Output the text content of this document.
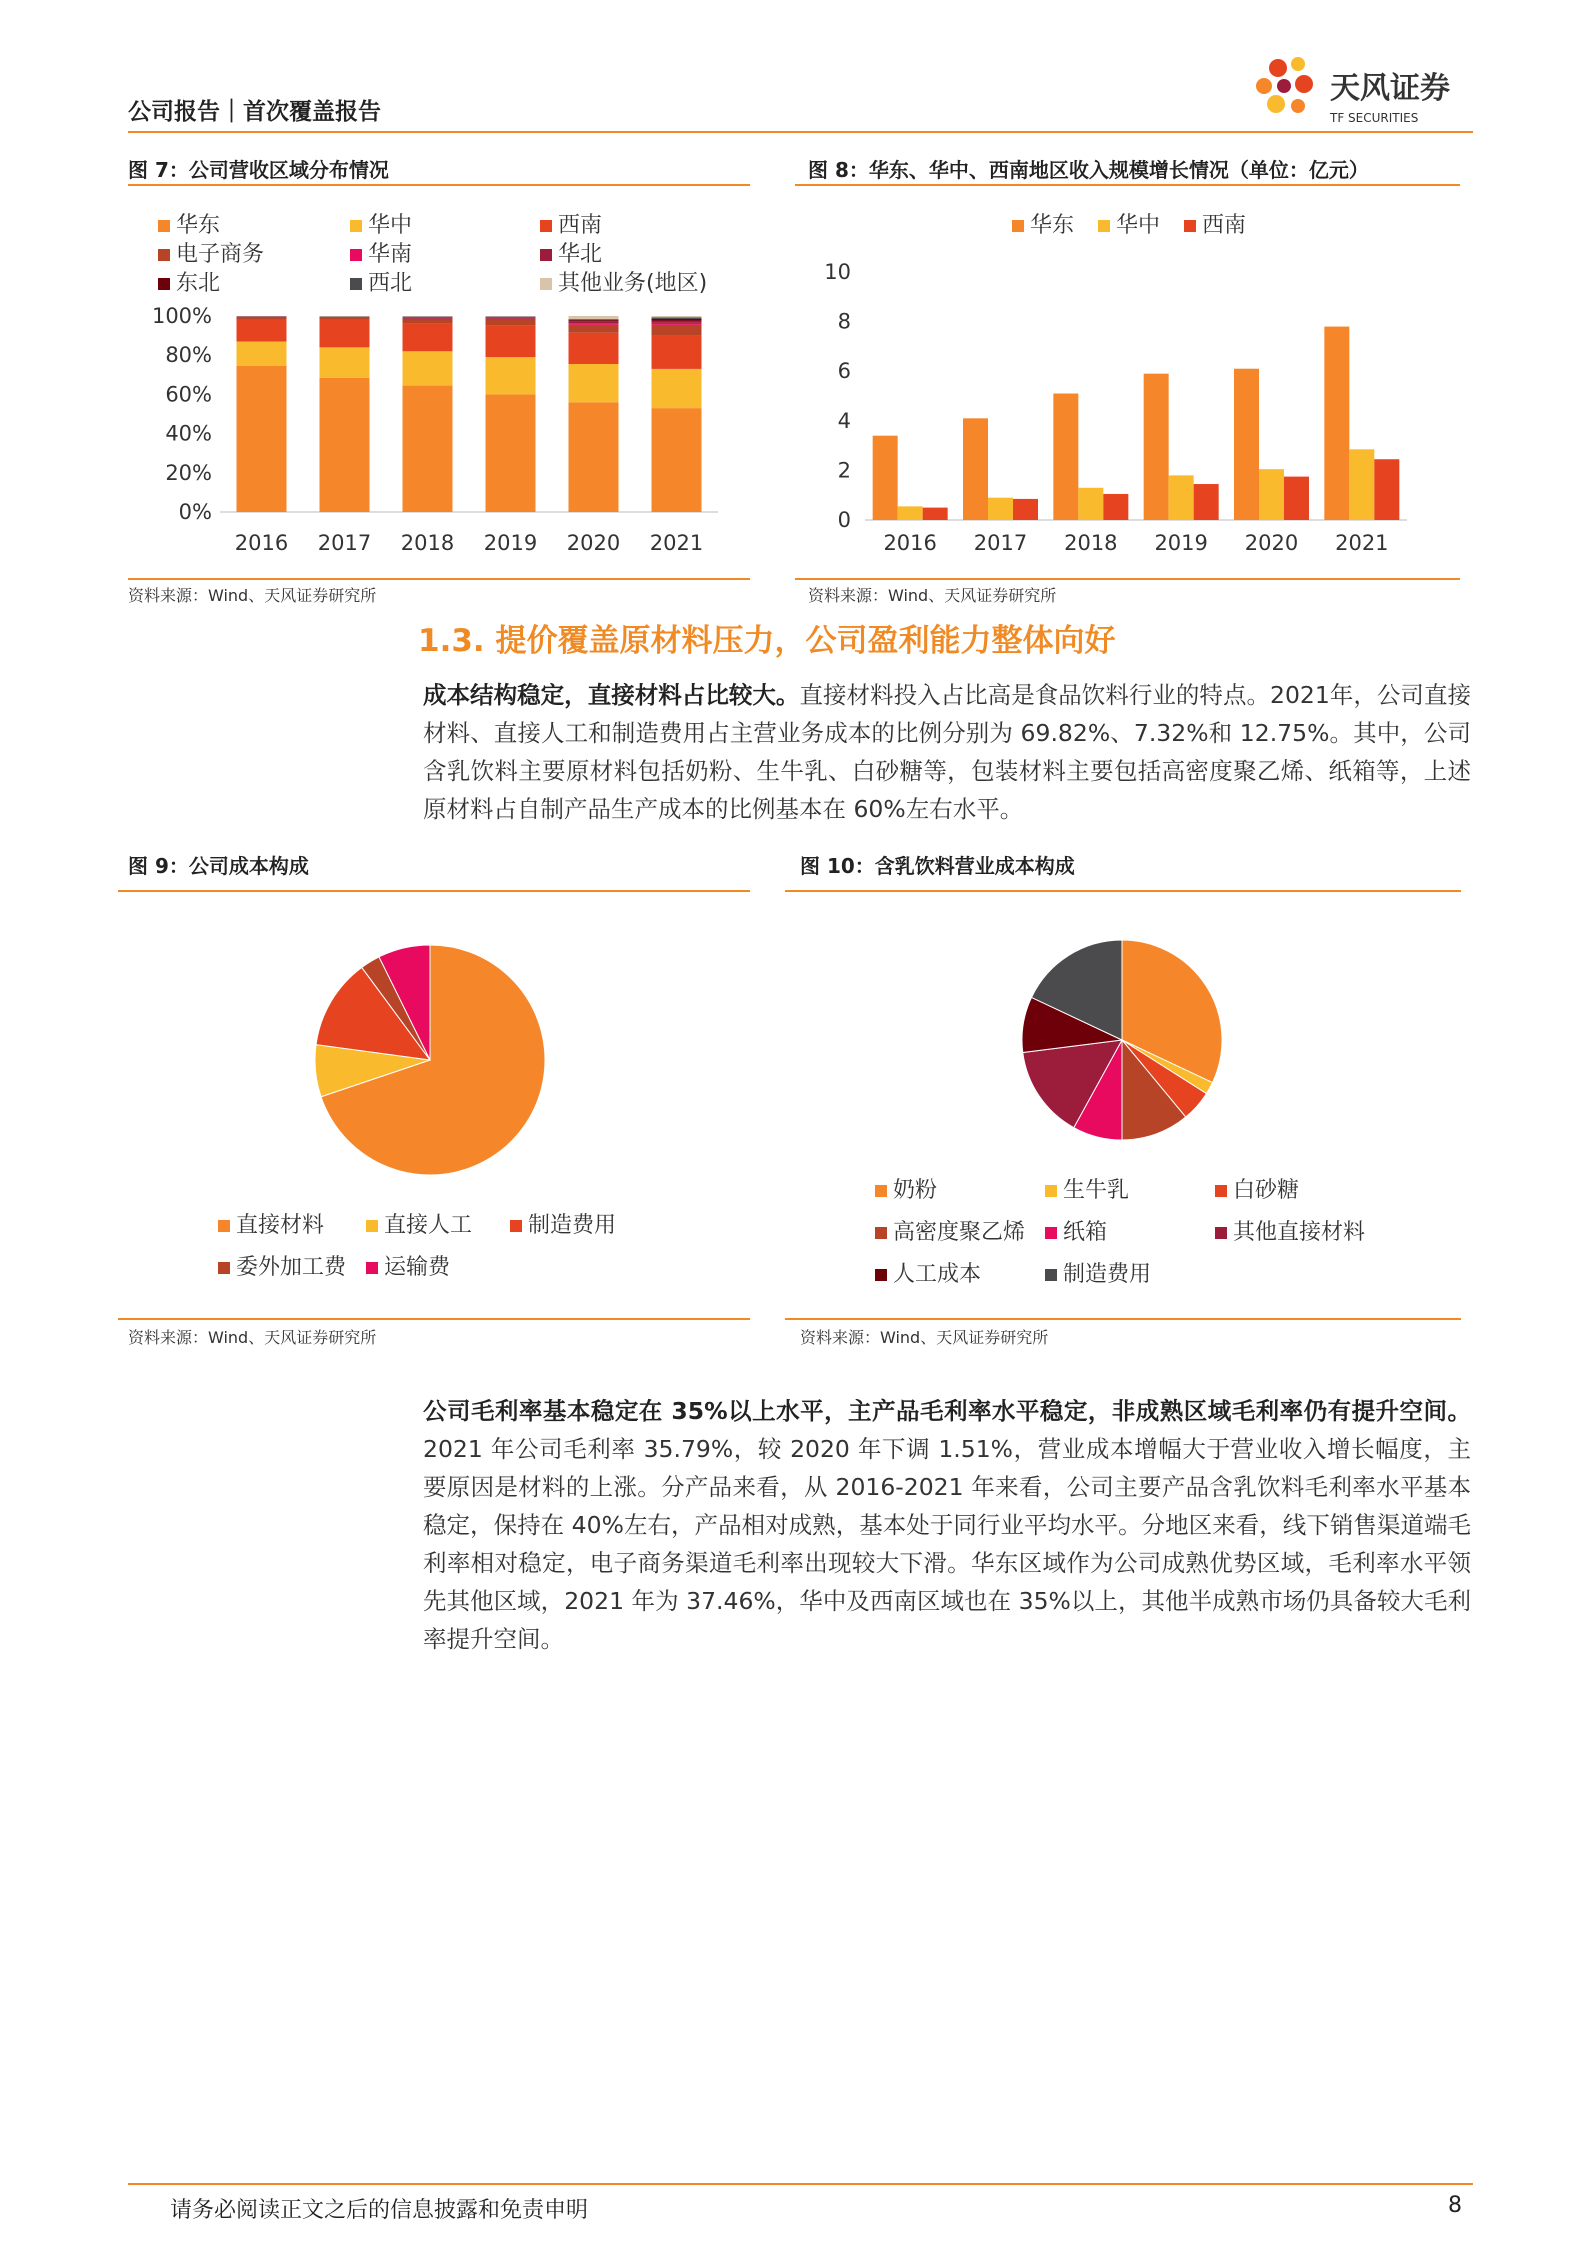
公司报告｜首次覆盖报告
天风证券
TF SECURITIES
图 7：公司营收区域分布情况
华东	华中	西南
电子商务	华南	华北
东北	西北	其他业务(地区)
0%
20%
40%
60%
80%
100%
2016 2017 2018 2019 2020 2021
资料来源：Wind、天风证券研究所
图 8：华东、华中、西南地区收入规模增长情况（单位：亿元）
华东	华中	西南
0
2
4
6
8
10
2016 2017 2018 2019 2020 2021
资料来源：Wind、天风证券研究所
1.3. 提价覆盖原材料压力，公司盈利能力整体向好
成本结构稳定，直接材料占比较大。直接材料投入占比高是食品饮料行业的特点。2021年，公司直接材料、直接人工和制造费用占主营业务成本的比例分别为 69.82%、7.32%和 12.75%。其中，公司含乳饮料主要原材料包括奶粉、生牛乳、白砂糖等，包装材料主要包括高密度聚乙烯、纸箱等，上述原材料占自制产品生产成本的比例基本在 60%左右水平。
图 9：公司成本构成
直接材料	直接人工	制造费用
委外加工费	运输费
资料来源：Wind、天风证券研究所
图 10：含乳饮料营业成本构成
奶粉	生牛乳	白砂糖
高密度聚乙烯	纸箱	其他直接材料
人工成本	制造费用
资料来源：Wind、天风证券研究所
公司毛利率基本稳定在 35%以上水平，主产品毛利率水平稳定，非成熟区域毛利率仍有提升空间。2021 年公司毛利率 35.79%，较 2020 年下调 1.51%，营业成本增幅大于营业收入增长幅度，主要原因是材料的上涨。分产品来看，从 2016-2021 年来看，公司主要产品含乳饮料毛利率水平基本稳定，保持在 40%左右，产品相对成熟，基本处于同行业平均水平。分地区来看，线下销售渠道端毛利率相对稳定，电子商务渠道毛利率出现较大下滑。华东区域作为公司成熟优势区域，毛利率水平领先其他区域，2021 年为 37.46%，华中及西南区域也在 35%以上，其他半成熟市场仍具备较大毛利率提升空间。
请务必阅读正文之后的信息披露和免责申明	8
